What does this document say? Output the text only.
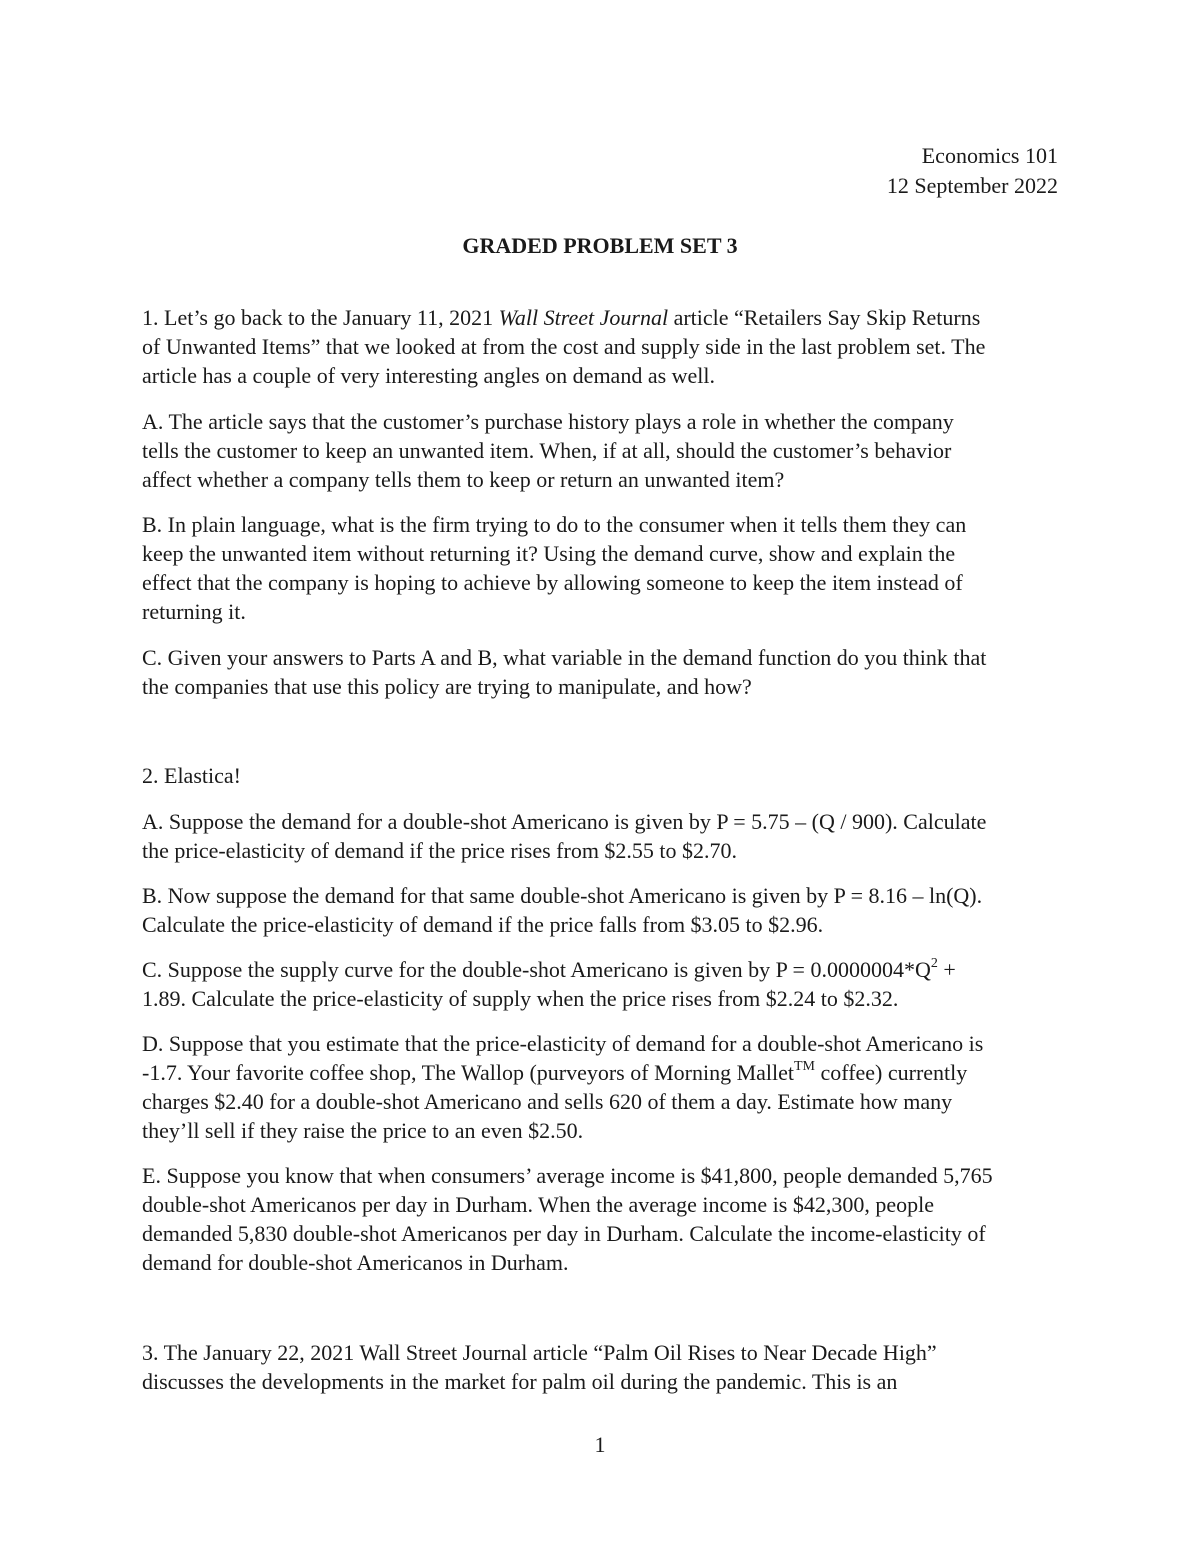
Economics 101
12 September 2022
GRADED PROBLEM SET 3
1. Let’s go back to the January 11, 2021 Wall Street Journal article “Retailers Say Skip Returns
of Unwanted Items” that we looked at from the cost and supply side in the last problem set. The
article has a couple of very interesting angles on demand as well.
A. The article says that the customer’s purchase history plays a role in whether the company
tells the customer to keep an unwanted item. When, if at all, should the customer’s behavior
affect whether a company tells them to keep or return an unwanted item?
B. In plain language, what is the firm trying to do to the consumer when it tells them they can
keep the unwanted item without returning it? Using the demand curve, show and explain the
effect that the company is hoping to achieve by allowing someone to keep the item instead of
returning it.
C. Given your answers to Parts A and B, what variable in the demand function do you think that
the companies that use this policy are trying to manipulate, and how?
2. Elastica!
A. Suppose the demand for a double-shot Americano is given by P = 5.75 – (Q / 900). Calculate
the price-elasticity of demand if the price rises from $2.55 to $2.70.
B. Now suppose the demand for that same double-shot Americano is given by P = 8.16 – ln(Q).
Calculate the price-elasticity of demand if the price falls from $3.05 to $2.96.
C. Suppose the supply curve for the double-shot Americano is given by $P = 0.0000004*Q^2$ +
1.89. Calculate the price-elasticity of supply when the price rises from $2.24 to $2.32.
D. Suppose that you estimate that the price-elasticity of demand for a double-shot Americano is
-1.7. Your favorite coffee shop, The Wallop (purveyors of Morning Mallet™ coffee) currently
charges $2.40 for a double-shot Americano and sells 620 of them a day. Estimate how many
they’ll sell if they raise the price to an even $2.50.
E. Suppose you know that when consumers’ average income is $41,800, people demanded 5,765
double-shot Americanos per day in Durham. When the average income is $42,300, people
demanded 5,830 double-shot Americanos per day in Durham. Calculate the income-elasticity of
demand for double-shot Americanos in Durham.
3. The January 22, 2021 Wall Street Journal article “Palm Oil Rises to Near Decade High”
discusses the developments in the market for palm oil during the pandemic. This is an
1
